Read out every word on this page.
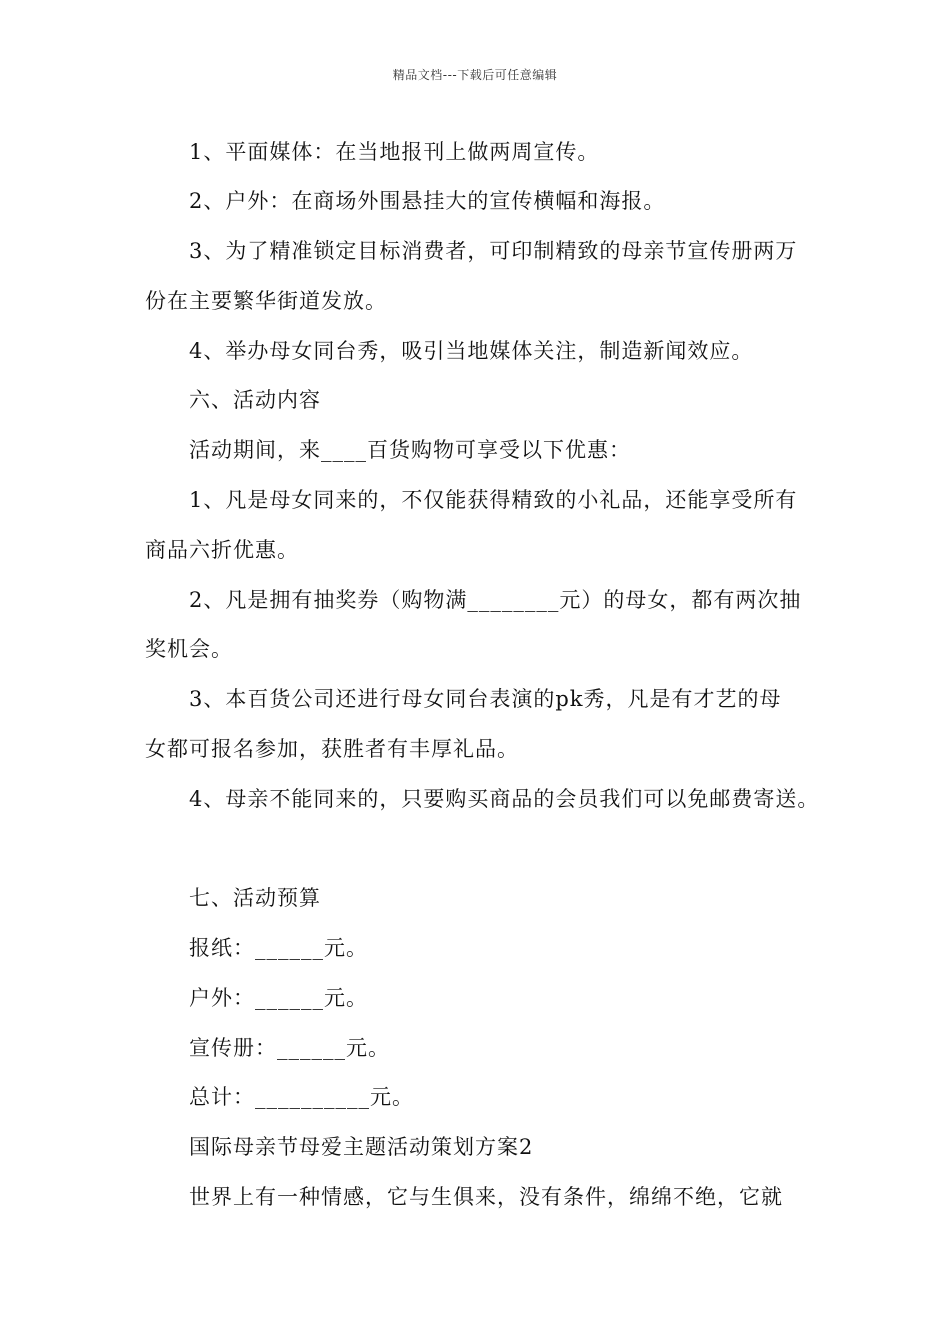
精品文档---下载后可任意编辑
1、平面媒体：在当地报刊上做两周宣传。
2、户外：在商场外围悬挂大的宣传横幅和海报。
3、为了精准锁定目标消费者，可印制精致的母亲节宣传册两万
份在主要繁华街道发放。
4、举办母女同台秀，吸引当地媒体关注，制造新闻效应。
六、活动内容
活动期间，来____百货购物可享受以下优惠：
1、凡是母女同来的，不仅能获得精致的小礼品，还能享受所有
商品六折优惠。
2、凡是拥有抽奖券（购物满________元）的母女，都有两次抽
奖机会。
3、本百货公司还进行母女同台表演的pk秀，凡是有才艺的母
女都可报名参加，获胜者有丰厚礼品。
4、母亲不能同来的，只要购买商品的会员我们可以免邮费寄送。
七、活动预算
报纸：______元。
户外：______元。
宣传册：______元。
总计：__________元。
国际母亲节母爱主题活动策划方案2
世界上有一种情感，它与生俱来，没有条件，绵绵不绝，它就
